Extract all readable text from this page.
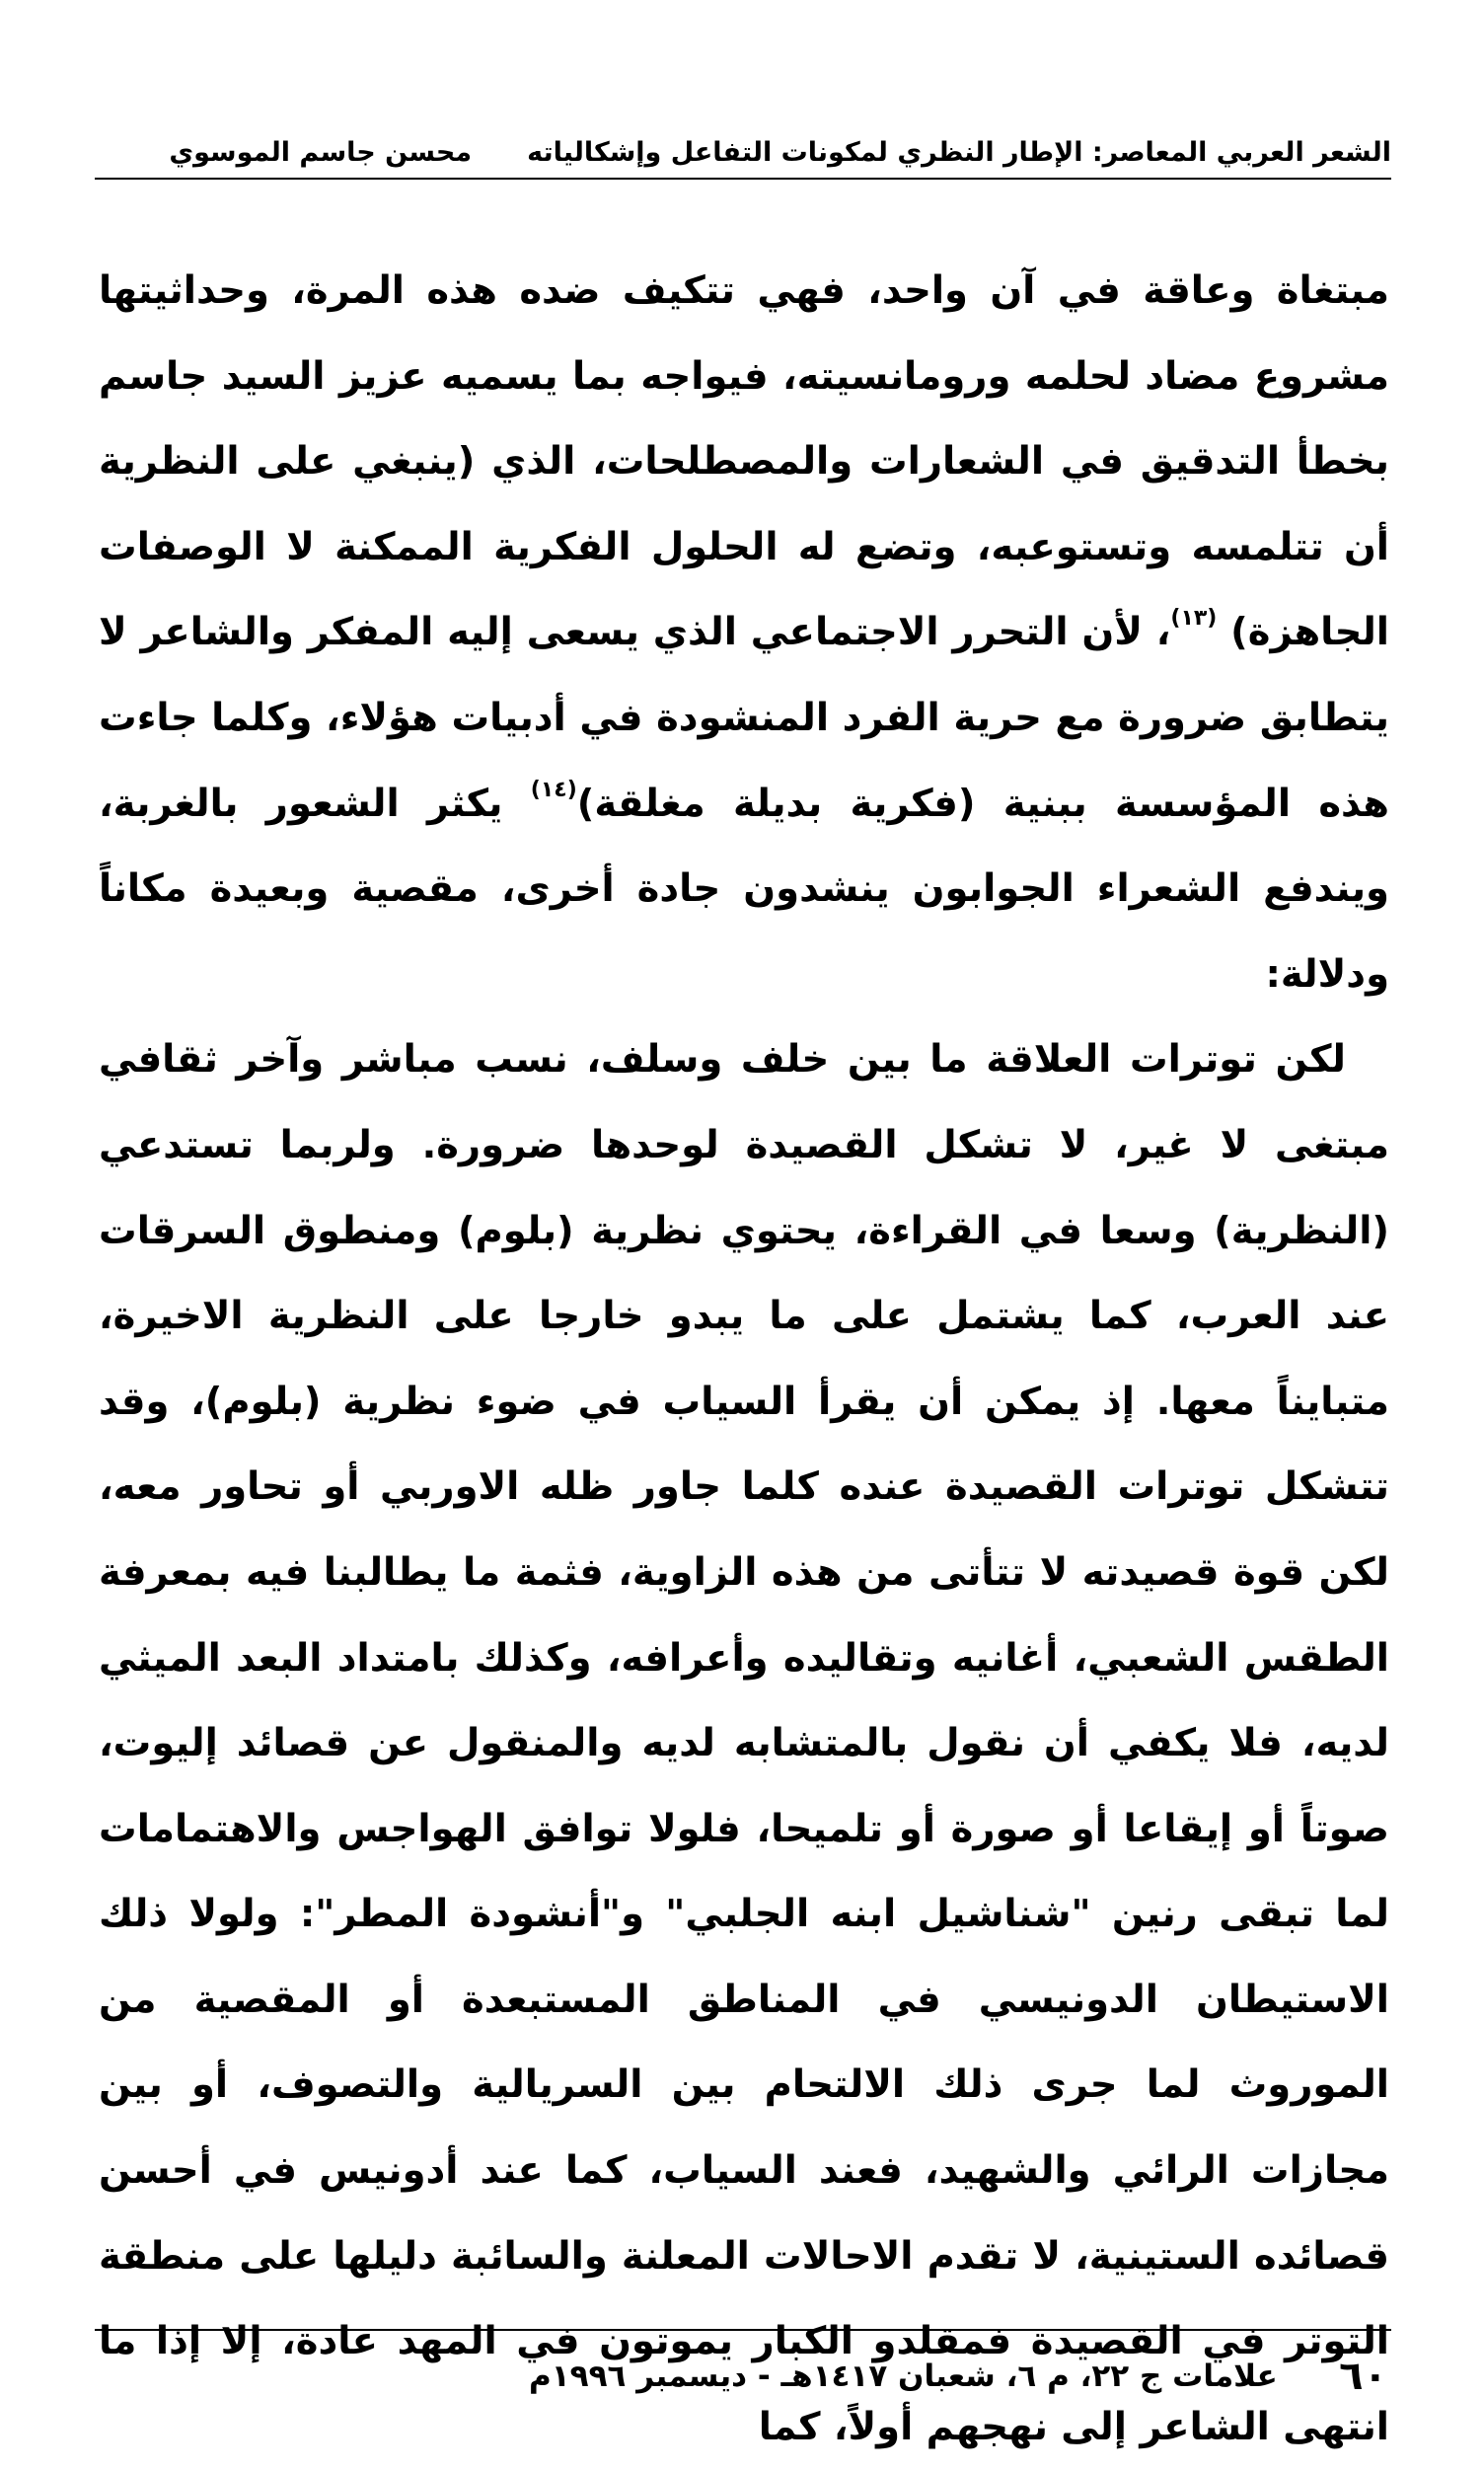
الشعر العربي المعاصر: الإطار النظري لمكونات التفاعل وإشكالياته
محسن جاسم الموسوي

مبتغاة وعاقة في آن واحد، فهي تتكيف ضده هذه المرة، وحداثيتها مشروع مضاد لحلمه ورومانسيته، فيواجه بما يسميه عزيز السيد جاسم بخطأ التدقيق في الشعارات والمصطلحات، الذي (ينبغي على النظرية أن تتلمسه وتستوعبه، وتضع له الحلول الفكرية الممكنة لا الوصفات الجاهزة) $^{(١٣)}$، لأن التحرر الاجتماعي الذي يسعى إليه المفكر والشاعر لا يتطابق ضرورة مع حرية الفرد المنشودة في أدبيات هؤلاء، وكلما جاءت هذه المؤسسة ببنية (فكرية بديلة مغلقة)$^{(١٤)}$ يكثر الشعور بالغربة، ويندفع الشعراء الجوابون ينشدون جادة أخرى، مقصية وبعيدة مكاناً ودلالة:

لكن توترات العلاقة ما بين خلف وسلف، نسب مباشر وآخر ثقافي مبتغى لا غير، لا تشكل القصيدة لوحدها ضرورة. ولربما تستدعي (النظرية) وسعا في القراءة، يحتوي نظرية (بلوم) ومنطوق السرقات عند العرب، كما يشتمل على ما يبدو خارجا على النظرية الاخيرة، متبايناً معها. إذ يمكن أن يقرأ السياب في ضوء نظرية (بلوم)، وقد تتشكل توترات القصيدة عنده كلما جاور ظله الاوربي أو تحاور معه، لكن قوة قصيدته لا تتأتى من هذه الزاوية، فثمة ما يطالبنا فيه بمعرفة الطقس الشعبي، أغانيه وتقاليده وأعرافه، وكذلك بامتداد البعد الميثي لديه، فلا يكفي أن نقول بالمتشابه لديه والمنقول عن قصائد إليوت، صوتاً أو إيقاعا أو صورة أو تلميحا، فلولا توافق الهواجس والاهتمامات لما تبقى رنين "شناشيل ابنه الجلبي" و"أنشودة المطر": ولولا ذلك الاستيطان الدونيسي في المناطق المستبعدة أو المقصية من الموروث لما جرى ذلك الالتحام بين السريالية والتصوف، أو بين مجازات الرائي والشهيد، فعند السياب، كما عند أدونيس في أحسن قصائده الستينية، لا تقدم الاحالات المعلنة والسائبة دليلها على منطقة التوتر في القصيدة فمقلدو الكبار يموتون في المهد عادة، إلا إذا ما انتهى الشاعر إلى نهجهم أولاً، كما

٦٠
علامات ج ٢٢، م ٦، شعبان ١٤١٧هـ - ديسمبر ١٩٩٦م
